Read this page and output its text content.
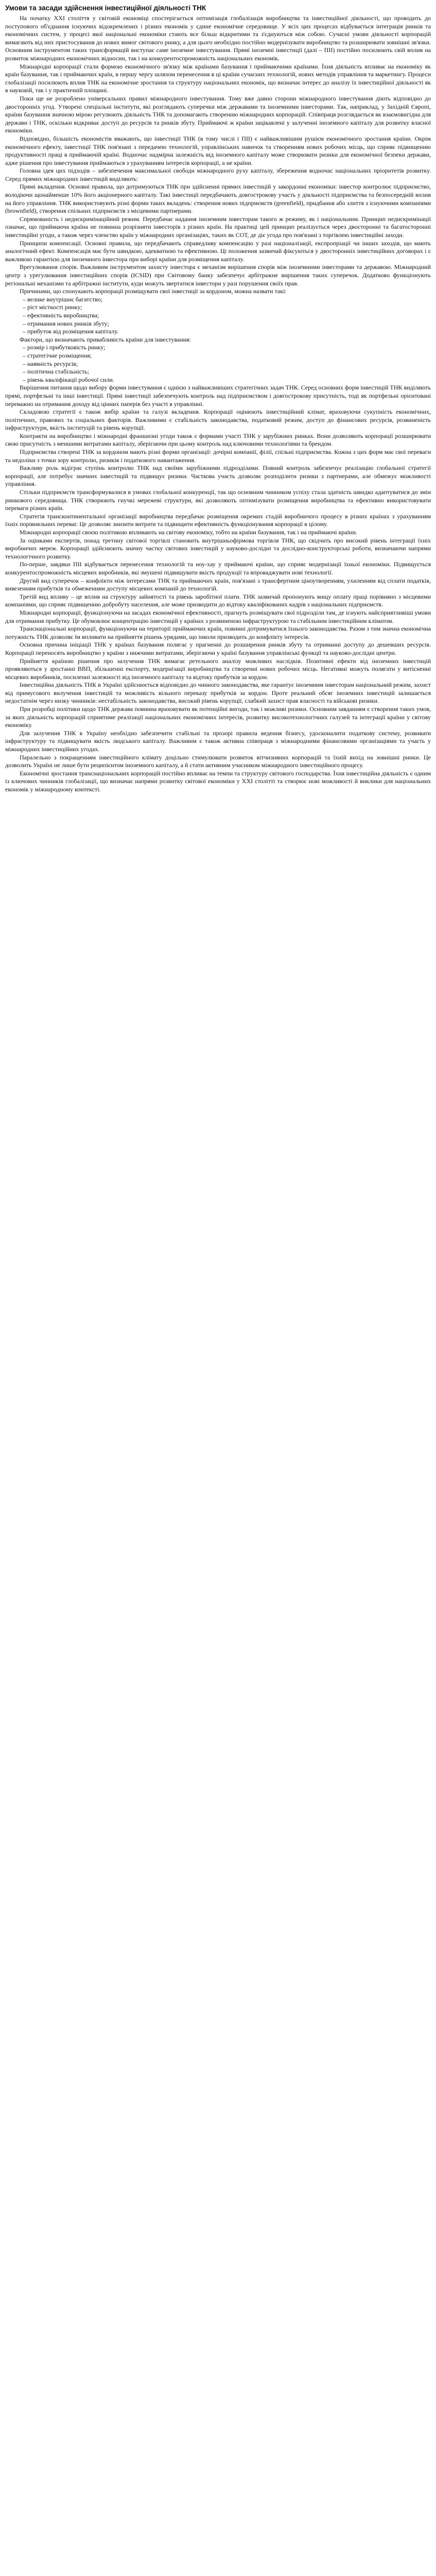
Умови та засади здійснення інвестиційної діяльності ТНК

На початку ХХІ століття у світовій економіці спостерігається оптимізація глобалізація виробництва та інвестиційної діяльності, що проводить до поступового об'єднання існуючих відокремлених і різних економік у єдине економічне середовище. У всіх цих процесах відбувається інтеграція ринків та економічних систем, у процесі якої національні економіки стають все більш відкритими та з'єднуються між собою. Сучасні умови діяльності корпорацій вимагають від них пристосування до нових вимог світового ринку, а для цього необхідно постійно модернізувати виробництво та розширювати зовнішні зв'язки. Основним інструментом таких трансформацій виступає саме іноземне інвестування. Прямі іноземні інвестиції (далі – ПІІ) постійно посилюють свій вплив на розвиток міжнародних економічних відносин, так і на конкурентоспроможність національних економік.

Міжнародні корпорації стали формою економічного зв'язку між країнами базування і приймаючими країнами. Їхня діяльність впливає на економіку як країн базування, так і приймаючих країн, в першу чергу шляхом перенесення в ці країни сучасних технологій, нових методів управління та маркетингу. Процеси глобалізації посилюють вплив ТНК на економічне зростання та структуру національних економік, що визначає інтерес до аналізу їх інвестиційної діяльності як в науковій, так і у практичній площині.

Поки ще не розроблено універсальних правил міжнародного інвестування. Тому вже давно сторони міжнародного інвестування діють відповідно до двосторонніх угод. Утворені спеціальні інститути, які розглядають суперечки між державами та іноземними інвесторами. Так, наприклад, у Західній Європі, країни базування значною мірою регулюють діяльність ТНК та допомагають створенню міжнародних корпорацій. Співпраця розглядається як взаємовигідна для держави і ТНК, оскільки відкриває доступ до ресурсів та ринків збуту. Приймаючі ж країни зацікавлені у залученні іноземного капіталу для розвитку власної економіки.

Відповідно, більшість економістів вважають, що інвестиції ТНК (в тому числі і ПІІ) є найважливішим рушієм економічного зростання країни. Окрім економічного ефекту, інвестиції ТНК пов'язані з передачею технологій, управлінських навичок та створенням нових робочих місць, що сприяє підвищенню продуктивності праці в приймаючій країні. Водночас надмірна залежність від іноземного капіталу може створювати ризики для економічної безпеки держави, адже рішення про інвестування приймаються з урахуванням інтересів корпорації, а не країни.

Головна ідея цих підходів – забезпечення максимальної свободи міжнародного руху капіталу, збереження водночас національних пріоритетів розвитку. Серед прямих міжнародних інвестицій виділяють:

Прямі вкладення. Основні правила, що дотримуються ТНК при здійсненні прямих інвестицій у закордонні економіки: інвестор контролює підприємство, володіючи щонайменше 10% його акціонерного капіталу. Такі інвестиції передбачають довгострокову участь у діяльності підприємства та безпосередній вплив на його управління. ТНК використовують різні форми таких вкладень: створення нових підприємств (greenfield), придбання або злиття з існуючими компаніями (brownfield), створення спільних підприємств з місцевими партнерами.

Спрямованість і недискримінаційний режим. Передбачає надання іноземним інвесторам такого ж режиму, як і національним. Принцип недискримінації означає, що приймаюча країна не повинна розрізняти інвесторів з різних країн. На практиці цей принцип реалізується через двосторонні та багатосторонні інвестиційні угоди, а також через членство країн у міжнародних організаціях, таких як СОТ, де діє угода про пов'язані з торгівлею інвестиційні заходи.

Принципи компенсації. Основні правила, що передбачають справедливу компенсацію у разі націоналізації, експропріації чи інших заходів, що мають аналогічний ефект. Компенсація має бути швидкою, адекватною та ефективною. Ці положення зазвичай фіксуються у двосторонніх інвестиційних договорах і є важливою гарантією для іноземного інвестора при виборі країни для розміщення капіталу.

Врегулювання спорів. Важливим інструментом захисту інвестора є механізм вирішення спорів між іноземними інвесторами та державою. Міжнародний центр з урегулювання інвестиційних спорів (ICSID) при Світовому банку забезпечує арбітражне вирішення таких суперечок. Додатково функціонують регіональні механізми та арбітражні інститути, куди можуть звертатися інвестори у разі порушення своїх прав.

Причинами, що спонукають корпорації розміщувати свої інвестиції за кордоном, можна назвати такі:

– велике внутрішнє багатство;
– ріст місткості ринку;
– ефективність виробництва;
– отримання нових ринків збуту;
– прибуток від розміщення капіталу.

Фактори, що визначають привабливість країни для інвестування:

– розмір і прибутковість ринку;
– стратегічне розміщення;
– наявність ресурсів;
– політична стабільність;
– рівень кваліфікації робочої сили.

Вирішення питання щодо вибору форми інвестування є однією з найважливіших стратегічних задач ТНК. Серед основних форм інвестицій ТНК виділяють прямі, портфельні та інші інвестиції. Прямі інвестиції забезпечують контроль над підприємством і довгострокову присутність, тоді як портфельні орієнтовані переважно на отримання доходу від цінних паперів без участі в управлінні.

Складовою стратегії є також вибір країни та галузі вкладення. Корпорації оцінюють інвестиційний клімат, враховуючи сукупність економічних, політичних, правових та соціальних факторів. Важливими є стабільність законодавства, податковий режим, доступ до фінансових ресурсів, розвиненість інфраструктури, якість інституцій та рівень корупції.

Контракти на виробництво і міжнародні франшизні угоди також є формами участі ТНК у зарубіжних ринках. Вони дозволяють корпорації розширювати свою присутність з меншими витратами капіталу, зберігаючи при цьому контроль над ключовими технологіями та брендом.

Підприємства створені ТНК за кордоном мають різні форми організації: дочірні компанії, філії, спільні підприємства. Кожна з цих форм має свої переваги та недоліки з точки зору контролю, ризиків і податкового навантаження.

Важливу роль відіграє ступінь контролю ТНК над своїми зарубіжними підрозділами. Повний контроль забезпечує реалізацію глобальної стратегії корпорації, але потребує значних інвестицій та підвищує ризики. Часткова участь дозволяє розподілити ризики з партнерами, але обмежує можливості управління.

Стільки підприємств трансформувалися в умовах глобальної конкуренції, так що основним чинником успіху стала здатність швидко адаптуватися до змін ринкового середовища. ТНК створюють гнучкі мережеві структури, які дозволяють оптимізувати розміщення виробництва та ефективно використовувати переваги різних країн.

Стратегія трансконтинентальної організації виробництва передбачає розміщення окремих стадій виробничого процесу в різних країнах з урахуванням їхніх порівняльних переваг. Це дозволяє знизити витрати та підвищити ефективність функціонування корпорації в цілому.

Міжнародні корпорації своєю політикою впливають на світову економіку, тобто на країни базування, так і на приймаючі країни.

За оцінками експертів, понад третину світової торгівлі становить внутрішньофірмова торгівля ТНК, що свідчить про високий рівень інтеграції їхніх виробничих мереж. Корпорації здійснюють значну частку світових інвестицій у науково-дослідні та дослідно-конструкторські роботи, визначаючи напрями технологічного розвитку.

По-перше, завдяки ПІІ відбувається перенесення технологій та ноу-хау у приймаючі країни, що сприяє модернізації їхньої економіки. Підвищується конкурентоспроможність місцевих виробників, які змушені підвищувати якість продукції та впроваджувати нові технології.

Другий вид суперечок – конфлікти між інтересами ТНК та приймаючих країн, пов'язані з трансфертним ціноутворенням, ухиленням від сплати податків, вивезенням прибутків та обмеженням доступу місцевих компаній до технологій.

Третій вид впливу – це вплив на структуру зайнятості та рівень заробітної плати. ТНК зазвичай пропонують вищу оплату праці порівняно з місцевими компаніями, що сприяє підвищенню добробуту населення, але може призводити до відтоку кваліфікованих кадрів з національних підприємств.

Міжнародні корпорації, функціонуючи на засадах економічної ефективності, прагнуть розміщувати свої підрозділи там, де існують найсприятливіші умови для отримання прибутку. Це обумовлює концентрацію інвестицій у країнах з розвиненою інфраструктурою та стабільним інвестиційним кліматом.

Транснаціональні корпорації, функціонуючи на території приймаючих країн, повинні дотримуватися їхнього законодавства. Разом з тим значна економічна потужність ТНК дозволяє їм впливати на прийняття рішень урядами, що інколи призводить до конфлікту інтересів.

Основна причина ініціації ТНК у країнах базування полягає у прагненні до розширення ринків збуту та отриманні доступу до дешевших ресурсів. Корпорації переносять виробництво у країни з нижчими витратами, зберігаючи у країні базування управлінські функції та науково-дослідні центри.

Прийняття країною рішення про залучення ТНК вимагає ретельного аналізу можливих наслідків. Позитивні ефекти від іноземних інвестицій проявляються у зростанні ВВП, збільшенні експорту, модернізації виробництва та створенні нових робочих місць. Негативні можуть полягати у витісненні місцевих виробників, посиленні залежності від іноземного капіталу та відтоку прибутків за кордон.

Інвестиційна діяльність ТНК в Україні здійснюється відповідно до чинного законодавства, яке гарантує іноземним інвесторам національний режим, захист від примусового вилучення інвестицій та можливість вільного переказу прибутків за кордон. Проте реальний обсяг іноземних інвестицій залишається недостатнім через низку чинників: нестабільність законодавства, високий рівень корупції, слабкий захист прав власності та військові ризики.

При розробці політики щодо ТНК держава повинна враховувати як потенційні вигоди, так і можливі ризики. Основним завданням є створення таких умов, за яких діяльність корпорацій сприятиме реалізації національних економічних інтересів, розвитку високотехнологічних галузей та інтеграції країни у світову економіку.

Для залучення ТНК в Україну необхідно забезпечити стабільні та прозорі правила ведення бізнесу, удосконалити податкову систему, розвивати інфраструктуру та підвищувати якість людського капіталу. Важливим є також активна співпраця з міжнародними фінансовими організаціями та участь у міжнародних інвестиційних угодах.

Паралельно з покращенням інвестиційного клімату доцільно стимулювати розвиток вітчизняних корпорацій та їхній вихід на зовнішні ринки. Це дозволить Україні не лише бути реципієнтом іноземного капіталу, а й стати активним учасником міжнародного інвестиційного процесу.

Економічні зростання транснаціональних корпорацій постійно впливає на темпи та структуру світового господарства. Їхня інвестиційна діяльність є одним із ключових чинників глобалізації, що визначає напрями розвитку світової економіки у ХХІ столітті та створює нові можливості й виклики для національних економік у міжнародному контексті.
